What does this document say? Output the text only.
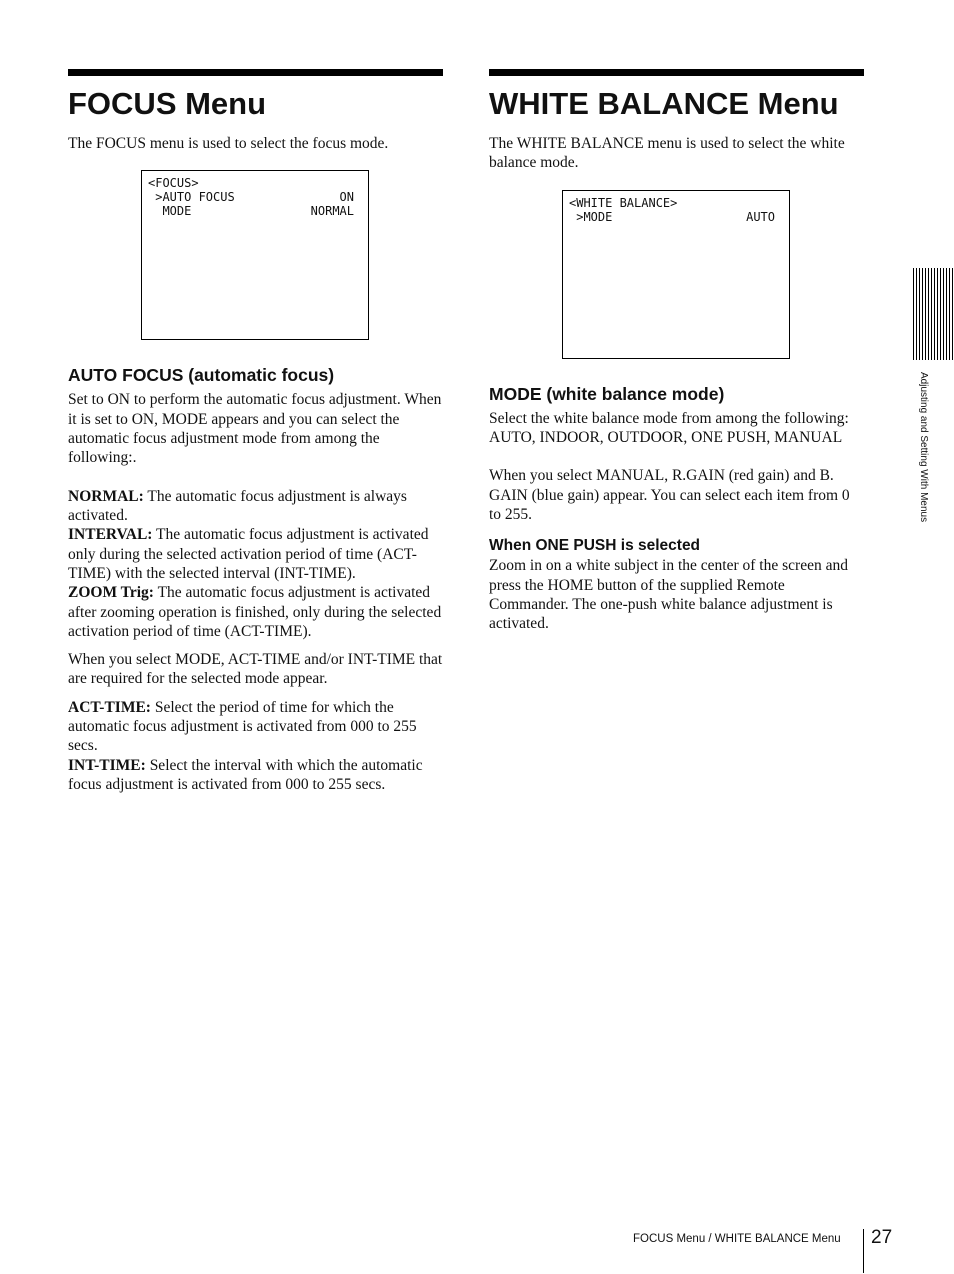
FOCUS Menu

The FOCUS menu is used to select the focus mode.

<FOCUS>
>AUTO FOCUS	ON
MODE	NORMAL
AUTO FOCUS (automatic focus)

Set to ON to perform the automatic focus adjustment. When it is set to ON, MODE appears and you can select the automatic focus adjustment mode from among the following:.

NORMAL: The automatic focus adjustment is always activated.

INTERVAL: The automatic focus adjustment is activated only during the selected activation period of time (ACT-TIME) with the selected interval (INT-TIME).

ZOOM Trig: The automatic focus adjustment is activated after zooming operation is finished, only during the selected activation period of time (ACT-TIME).

When you select MODE, ACT-TIME and/or INT-TIME that are required for the selected mode appear.

ACT-TIME: Select the period of time for which the automatic focus adjustment is activated from 000 to 255 secs.

INT-TIME: Select the interval with which the automatic focus adjustment is activated from 000 to 255 secs.

WHITE BALANCE Menu

The WHITE BALANCE menu is used to select the white balance mode.

<WHITE BALANCE>
>MODE	AUTO
MODE (white balance mode)

Select the white balance mode from among the following:

AUTO, INDOOR, OUTDOOR, ONE PUSH, MANUAL

When you select MANUAL, R.GAIN (red gain) and B. GAIN (blue gain) appear. You can select each item from 0 to 255.

When ONE PUSH is selected

Zoom in on a white subject in the center of the screen and press the HOME button of the supplied Remote Commander. The one-push white balance adjustment is activated.

Adjusting and Setting With Menus
FOCUS Menu / WHITE BALANCE Menu 27
